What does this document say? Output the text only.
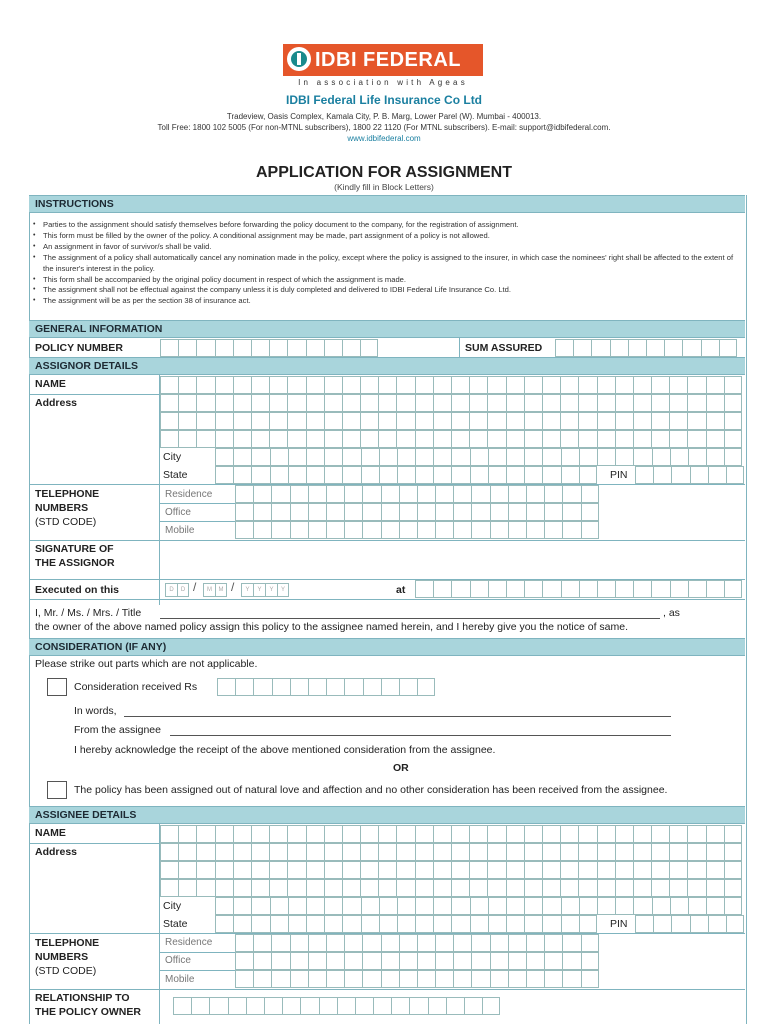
IDBI FEDERAL
In association with Ageas
IDBI Federal Life Insurance Co Ltd
Tradeview, Oasis Complex, Kamala City, P. B. Marg, Lower Parel (W). Mumbai - 400013.
Toll Free: 1800 102 5005 (For non-MTNL subscribers), 1800 22 1120 (For MTNL subscribers). E-mail: support@idbifederal.com.
www.idbifederal.com
APPLICATION FOR ASSIGNMENT
(Kindly fill in Block Letters)
INSTRUCTIONS
• Parties to the assignment should satisfy themselves before forwarding the policy document to the company, for the registration of assignment.
• This form must be filled by the owner of the policy. A conditional assignment may be made, part assignment of a policy is not allowed.
• An assignment in favor of survivor/s shall be valid.
• The assignment of a policy shall automatically cancel any nomination made in the policy, except where the policy is assigned to the insurer, in which case the nominees' right shall be affected to the extent of the insurer's interest in the policy.
• This form shall be accompanied by the original policy document in respect of which the assignment is made.
• The assignment shall not be effectual against the company unless it is duly completed and delivered to IDBI Federal Life Insurance Co. Ltd.
• The assignment will be as per the section 38 of insurance act.
GENERAL INFORMATION
POLICY NUMBER	SUM ASSURED
ASSIGNOR DETAILS
NAME
Address
City
State	PIN
TELEPHONE
NUMBERS
(STD CODE)
Residence
Office
Mobile
SIGNATURE OF
THE ASSIGNOR
Executed on this	D	D /	M	M /	Y	Y	Y	Y	at
I, Mr. / Ms. / Mrs. / Title	, as
the owner of the above named policy assign this policy to the assignee named herein, and I hereby give you the notice of same.
CONSIDERATION (IF ANY)
Please strike out parts which are not applicable.
Consideration received Rs
In words,
From the assignee
I hereby acknowledge the receipt of the above mentioned consideration from the assignee.
OR
The policy has been assigned out of natural love and affection and no other consideration has been received from the assignee.
ASSIGNEE DETAILS
NAME
Address
City
State	PIN
TELEPHONE
NUMBERS
(STD CODE)
Residence
Office
Mobile
RELATIONSHIP TO
THE POLICY OWNER
